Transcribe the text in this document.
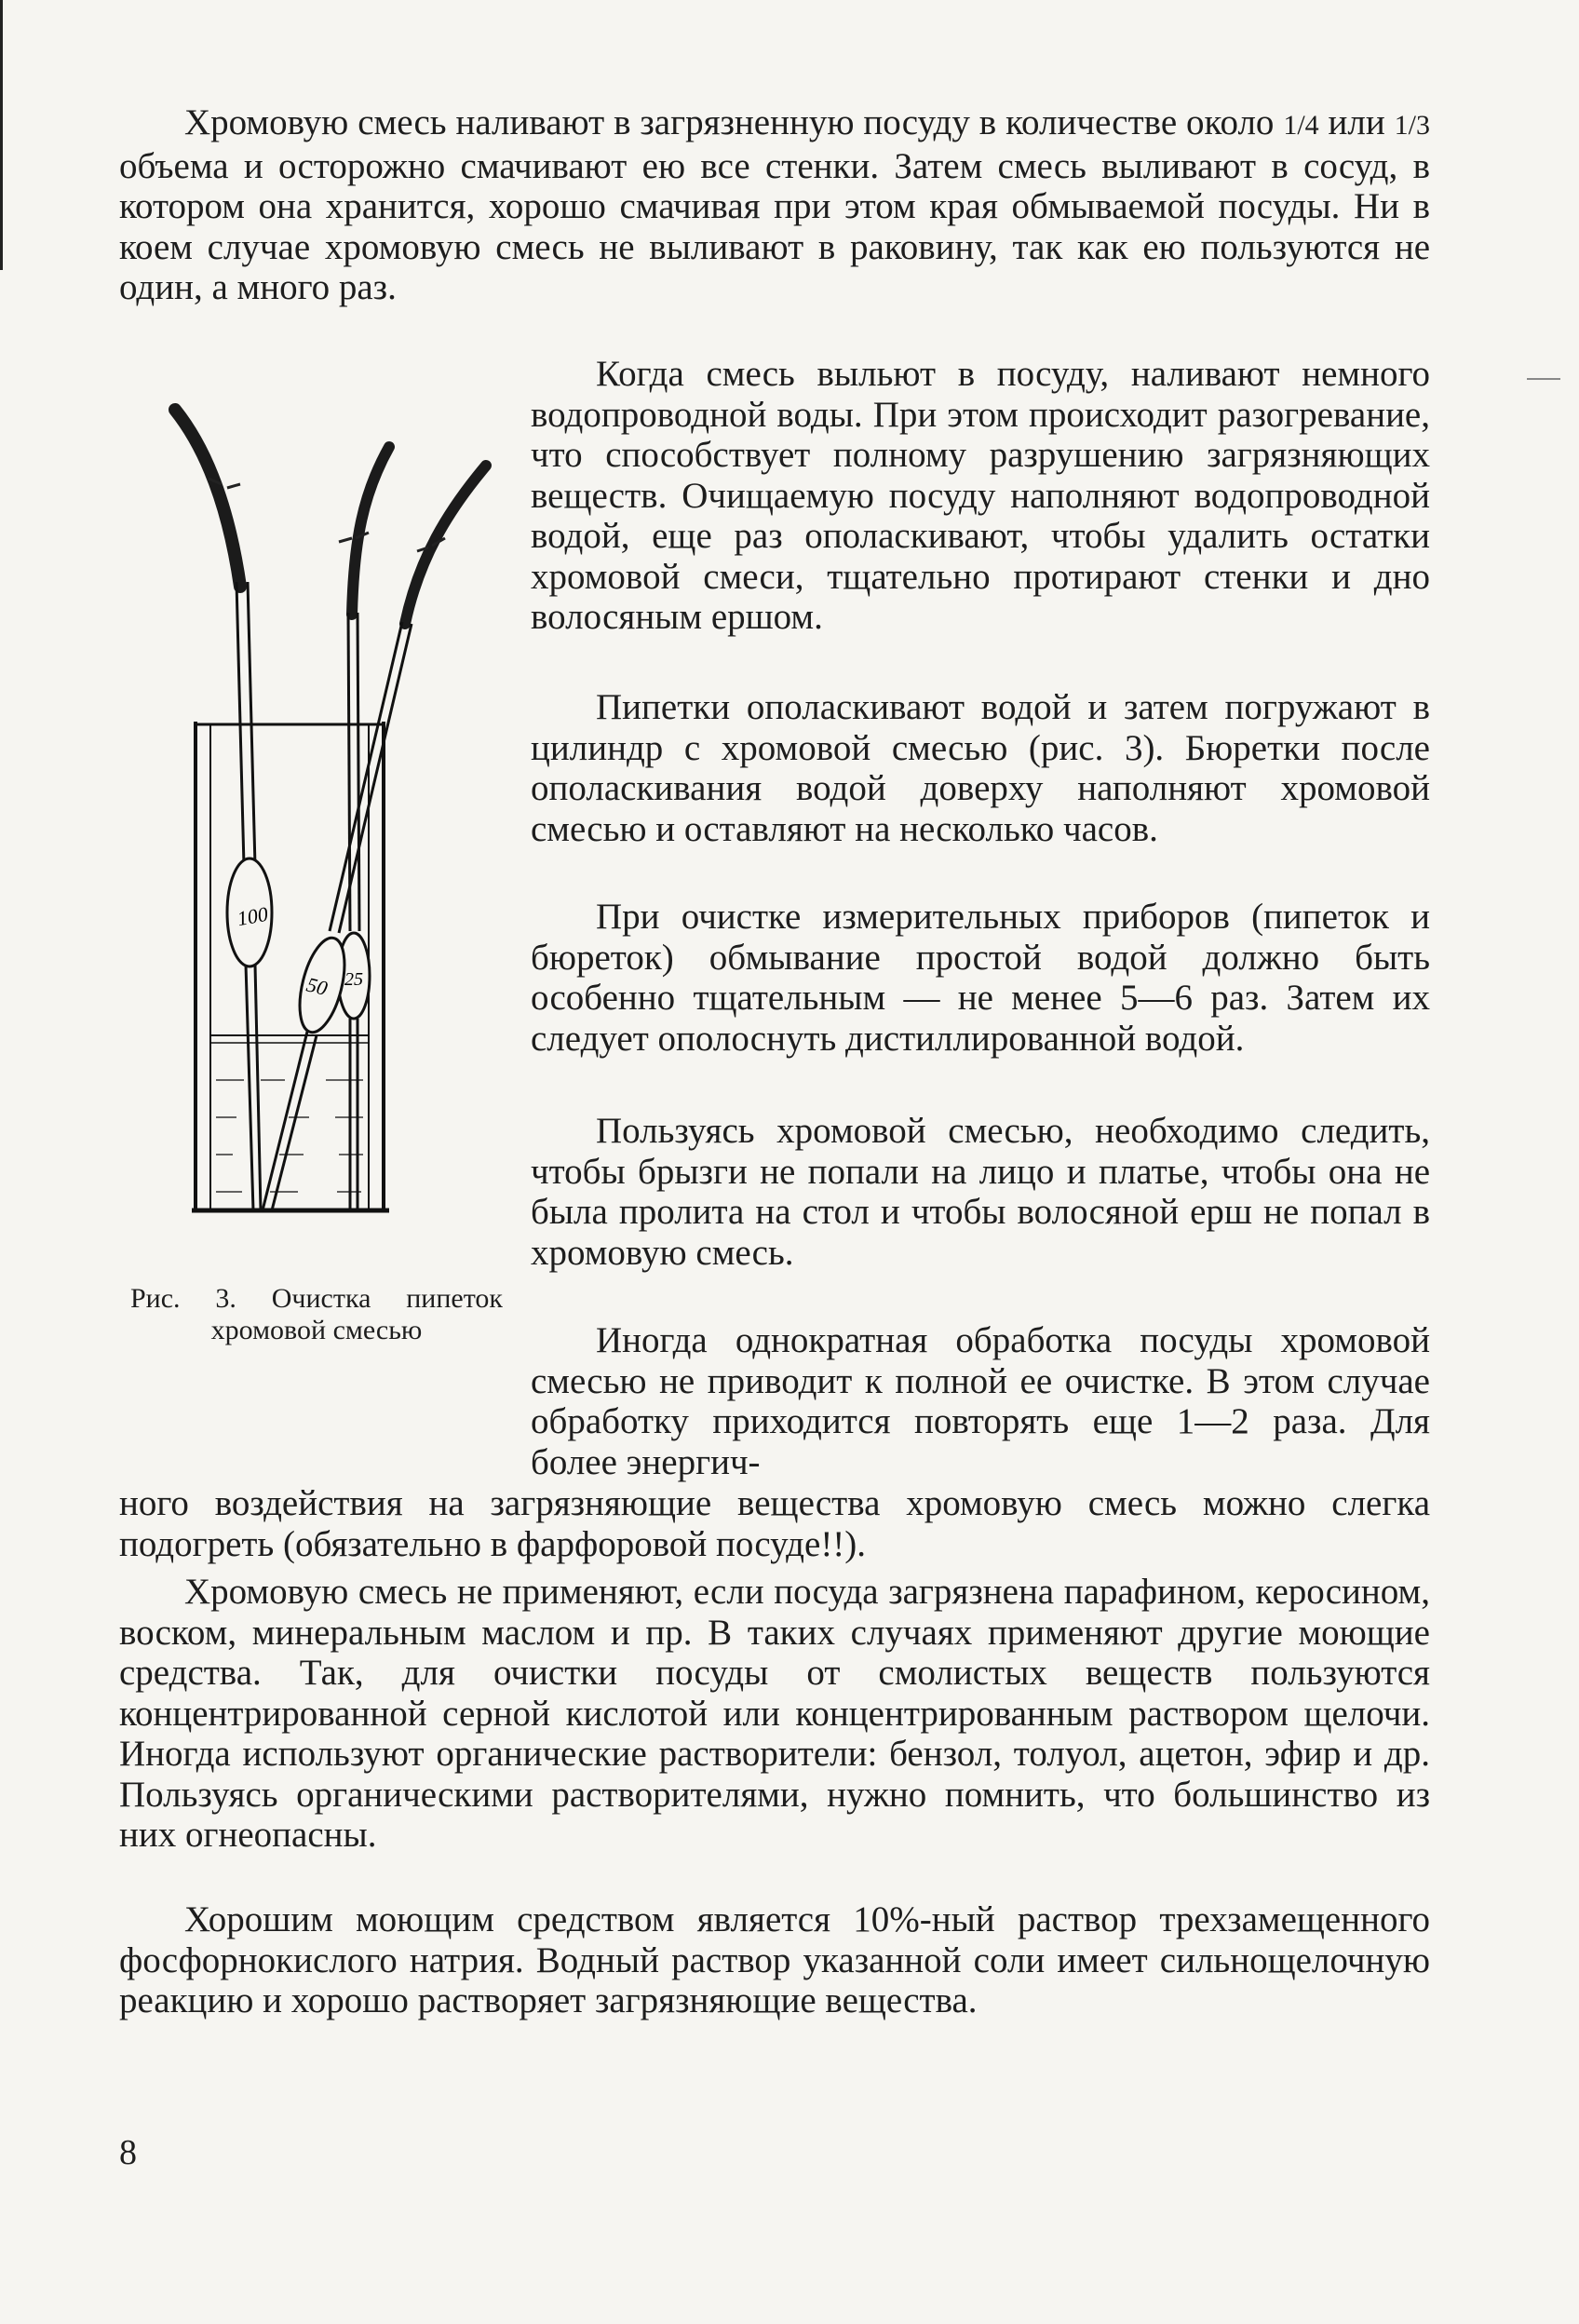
Хромовую смесь наливают в загрязненную посуду в количестве около 1/4 или 1/3 объема и осторожно смачивают ею все стенки. Затем смесь выливают в сосуд, в котором она хранится, хорошо смачивая при этом края обмываемой посуды. Ни в коем случае хромовую смесь не выливают в раковину, так как ею пользуются не один, а много раз.

Когда смесь выльют в посуду, наливают немного водопроводной воды. При этом происходит разогревание, что способствует полному разрушению загрязняющих веществ. Очищаемую посуду наполняют водопроводной водой, еще раз ополаскивают, чтобы удалить остатки хромовой смеси, тщательно протирают стенки и дно волосяным ершом.

Пипетки ополаскивают водой и затем погружают в цилиндр с хромовой смесью (рис. 3). Бюретки после ополаскивания водой доверху наполняют хромовой смесью и оставляют на несколько часов.

При очистке измерительных приборов (пипеток и бюреток) обмывание простой водой должно быть особенно тщательным — не менее 5—6 раз. Затем их следует ополоснуть дистиллированной водой.

Пользуясь хромовой смесью, необходимо следить, чтобы брызги не попали на лицо и платье, чтобы она не была пролита на стол и чтобы волосяной ерш не попал в хромовую смесь.

Иногда однократная обработка посуды хромовой смесью не приводит к полной ее очистке. В этом случае обработку приходится повторять еще 1—2 раза. Для более энергич-

ного воздействия на загрязняющие вещества хромовую смесь можно слегка подогреть (обязательно в фарфоровой посуде!!).

Хромовую смесь не применяют, если посуда загрязнена парафином, керосином, воском, минеральным маслом и пр. В таких случаях применяют другие моющие средства. Так, для очистки посуды от смолистых веществ пользуются концентрированной серной кислотой или концентрированным раствором щелочи. Иногда используют органические растворители: бензол, толуол, ацетон, эфир и др. Пользуясь органическими растворителями, нужно помнить, что большинство из них огнеопасны.

Хорошим моющим средством является 10%-ный раствор трехзамещенного фосфорнокислого натрия. Водный раствор указанной соли имеет сильнощелочную реакцию и хорошо растворяет загрязняющие вещества.

100
25
50
Рис. 3. Очистка пипеток хромовой смесью
8
